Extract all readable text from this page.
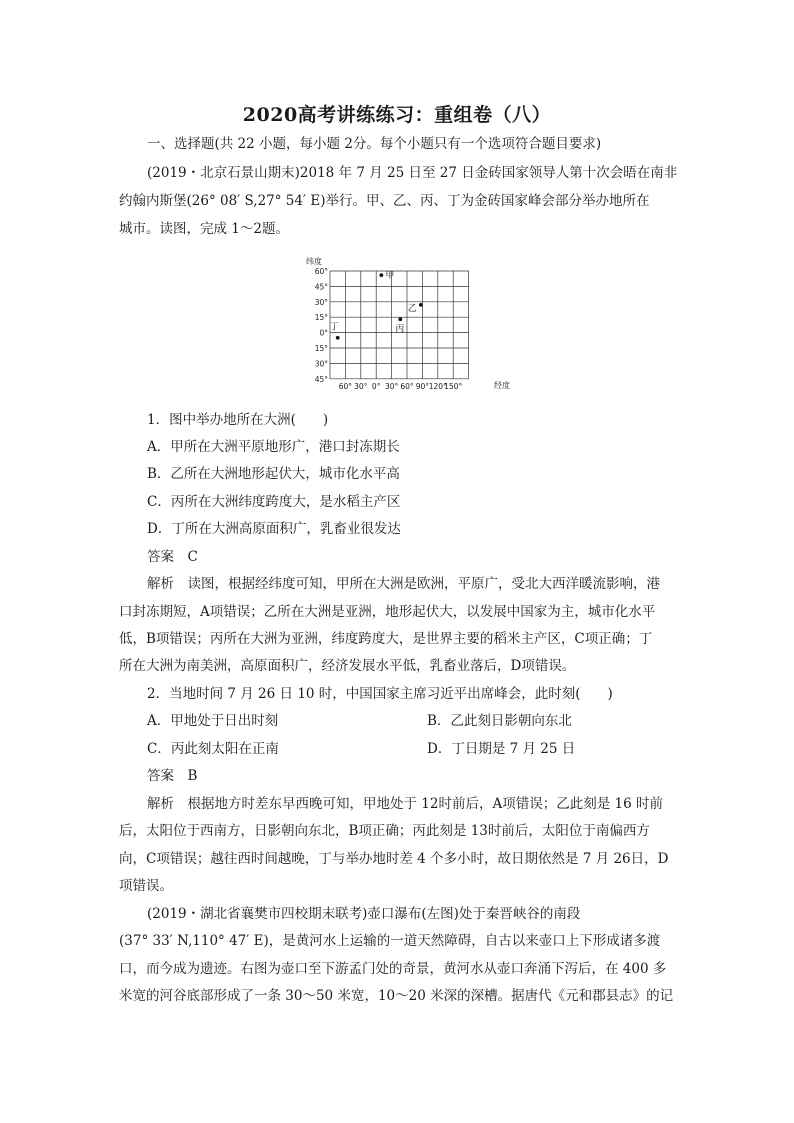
2020高考讲练练习：重组卷（八）
一、选择题(共 22 小题，每小题 2分。每个小题只有一个选项符合题目要求)
(2019・北京石景山期末)2018 年 7 月 25 日至 27 日金砖国家领导人第十次会晤在南非
约翰内斯堡(26° 08′ S,27° 54′ E)举行。甲、乙、丙、丁为金砖国家峰会部分举办地所在
城市。读图，完成 1～2题。
纬度
经度
60°
45°
30°
15°
0°
15°
30°
45°
60° 30° 0° 30° 60° 90° 120°
150°
甲
乙
丙
丁
1．图中举办地所在大洲(　　)
A．甲所在大洲平原地形广，港口封冻期长
B．乙所在大洲地形起伏大，城市化水平高
C．丙所在大洲纬度跨度大，是水稻主产区
D．丁所在大洲高原面积广，乳畜业很发达
答案　C
解析　读图，根据经纬度可知，甲所在大洲是欧洲，平原广，受北大西洋暖流影响，港
口封冻期短，A项错误；乙所在大洲是亚洲，地形起伏大，以发展中国家为主，城市化水平
低，B项错误；丙所在大洲为亚洲，纬度跨度大，是世界主要的稻米主产区，C项正确；丁
所在大洲为南美洲，高原面积广，经济发展水平低，乳畜业落后，D项错误。
2．当地时间 7 月 26 日 10 时，中国国家主席习近平出席峰会，此时刻(　　)
A．甲地处于日出时刻	B．乙此刻日影朝向东北
C．丙此刻太阳在正南	D．丁日期是 7 月 25 日
答案　B
解析　根据地方时差东早西晚可知，甲地处于 12时前后，A项错误；乙此刻是 16 时前
后，太阳位于西南方，日影朝向东北，B项正确；丙此刻是 13时前后，太阳位于南偏西方
向，C项错误；越往西时间越晚，丁与举办地时差 4 个多小时，故日期依然是 7 月 26日，D
项错误。
(2019・湖北省襄樊市四校期末联考)壶口瀑布(左图)处于秦晋峡谷的南段
(37° 33′ N,110° 47′ E)，是黄河水上运输的一道天然障碍，自古以来壶口上下形成诸多渡
口，而今成为遗迹。右图为壶口至下游孟门处的奇景，黄河水从壶口奔涌下泻后，在 400 多
米宽的河谷底部形成了一条 30～50 米宽，10～20 米深的深槽。据唐代《元和郡县志》的记
